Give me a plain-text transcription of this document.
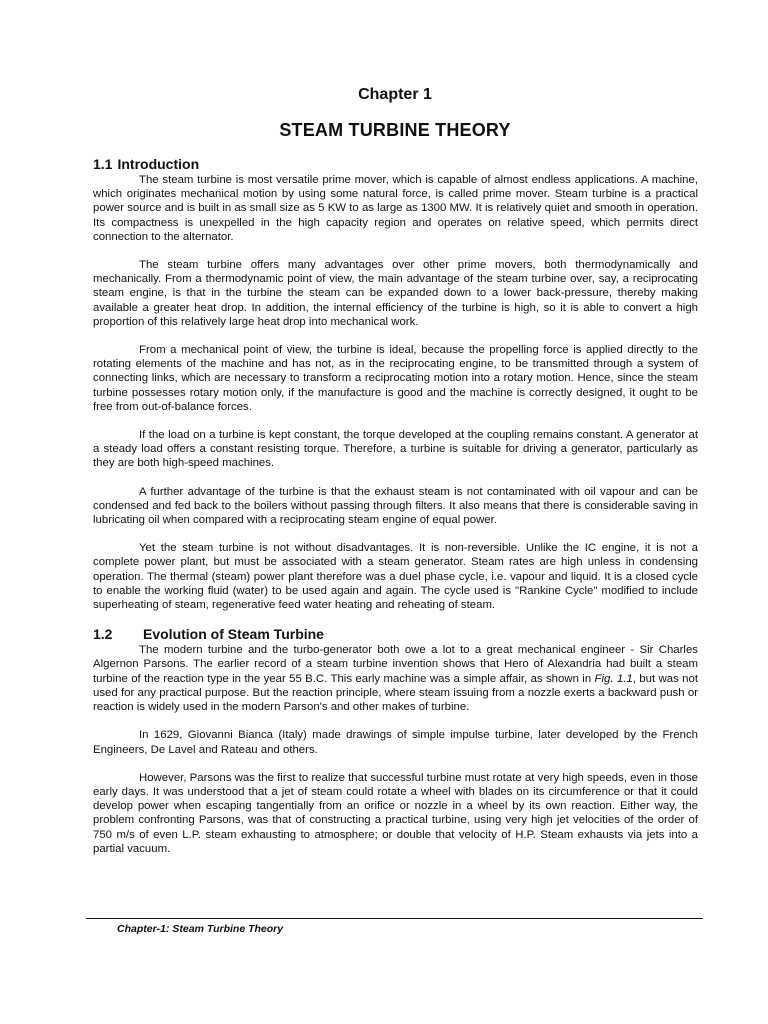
Chapter 1
STEAM TURBINE THEORY
1.1 Introduction

The steam turbine is most versatile prime mover, which is capable of almost endless applications. A machine, which originates mechanical motion by using some natural force, is called prime mover. Steam turbine is a practical power source and is built in as small size as 5 KW to as large as 1300 MW. It is relatively quiet and smooth in operation. Its compactness is unexpelled in the high capacity region and operates on relative speed, which permits direct connection to the alternator.

The steam turbine offers many advantages over other prime movers, both thermodynamically and mechanically. From a thermodynamic point of view, the main advantage of the steam turbine over, say, a reciprocating steam engine, is that in the turbine the steam can be expanded down to a lower back-pressure, thereby making available a greater heat drop. In addition, the internal efficiency of the turbine is high, so it is able to convert a high proportion of this relatively large heat drop into mechanical work.

From a mechanical point of view, the turbine is ideal, because the propelling force is applied directly to the rotating elements of the machine and has not, as in the reciprocating engine, to be transmitted through a system of connecting links, which are necessary to transform a reciprocating motion into a rotary motion. Hence, since the steam turbine possesses rotary motion only, if the manufacture is good and the machine is correctly designed, it ought to be free from out-of-balance forces.

If the load on a turbine is kept constant, the torque developed at the coupling remains constant. A generator at a steady load offers a constant resisting torque. Therefore, a turbine is suitable for driving a generator, particularly as they are both high-speed machines.

A further advantage of the turbine is that the exhaust steam is not contaminated with oil vapour and can be condensed and fed back to the boilers without passing through filters. It also means that there is considerable saving in lubricating oil when compared with a reciprocating steam engine of equal power.

Yet the steam turbine is not without disadvantages. It is non-reversible. Unlike the IC engine, it is not a complete power plant, but must be associated with a steam generator. Steam rates are high unless in condensing operation. The thermal (steam) power plant therefore was a duel phase cycle, i.e. vapour and liquid. It is a closed cycle to enable the working fluid (water) to be used again and again. The cycle used is "Rankine Cycle" modified to include superheating of steam, regenerative feed water heating and reheating of steam.

1.2 Evolution of Steam Turbine

The modern turbine and the turbo-generator both owe a lot to a great mechanical engineer - Sir Charles Algernon Parsons. The earlier record of a steam turbine invention shows that Hero of Alexandria had built a steam turbine of the reaction type in the year 55 B.C. This early machine was a simple affair, as shown in Fig. 1.1, but was not used for any practical purpose. But the reaction principle, where steam issuing from a nozzle exerts a backward push or reaction is widely used in the modern Parson's and other makes of turbine.

In 1629, Giovanni Bianca (Italy) made drawings of simple impulse turbine, later developed by the French Engineers, De Lavel and Rateau and others.

However, Parsons was the first to realize that successful turbine must rotate at very high speeds, even in those early days. It was understood that a jet of steam could rotate a wheel with blades on its circumference or that it could develop power when escaping tangentially from an orifice or nozzle in a wheel by its own reaction. Either way, the problem confronting Parsons, was that of constructing a practical turbine, using very high jet velocities of the order of 750 m/s of even L.P. steam exhausting to atmosphere; or double that velocity of H.P. Steam exhausts via jets into a partial vacuum.

Chapter-1: Steam Turbine Theory
